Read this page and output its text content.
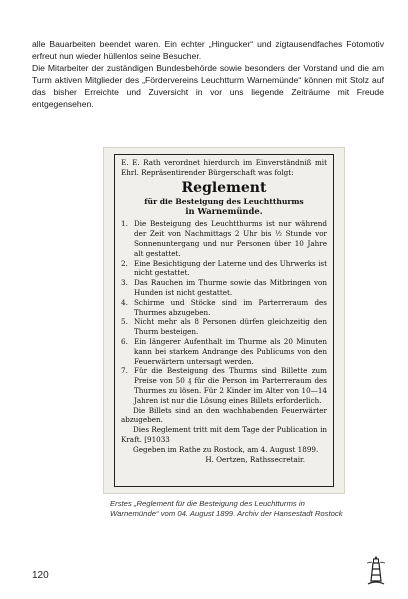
alle Bauarbeiten beendet waren. Ein echter „Hingucker“ und zigtausendfaches Fotomotiv erfreut nun wieder hüllenlos seine Besucher.

Die Mitarbeiter der zuständigen Bundesbehörde sowie besonders der Vorstand und die am Turm aktiven Mitglieder des „Fördervereins Leuchtturm Warnemünde“ können mit Stolz auf das bisher Erreichte und Zuversicht in vor uns liegende Zeiträume mit Freude entgegensehen.

E. E. Rath verordnet hierdurch im Einverständniß mit Ehrl. Repräsentirender Bürgerschaft was folgt:

Reglement

für die Besteigung des Leuchtthurms

in Warnemünde.

1. Die Besteigung des Leuchtthurms ist nur während der Zeit von Nachmittags 2 Uhr bis ½ Stunde vor Sonnenuntergang und nur Personen über 10 Jahre alt gestattet.
2. Eine Besichtigung der Laterne und des Uhrwerks ist nicht gestattet.
3. Das Rauchen im Thurme sowie das Mitbringen von Hunden ist nicht gestattet.
4. Schirme und Stöcke sind im Parterreraum des Thurmes abzugeben.
5. Nicht mehr als 8 Personen dürfen gleichzeitig den Thurm besteigen.
6. Ein längerer Aufenthalt im Thurme als 20 Minuten kann bei starkem Andrange des Publicums von den Feuerwärtern untersagt werden.
7. Für die Besteigung des Thurms sind Billette zum Preise von 50 ₰ für die Person im Parterreraum des Thurmes zu lösen. Für 2 Kinder im Alter von 10—14 Jahren ist nur die Lösung eines Billets erforderlich.

Die Billets sind an den wachhabenden Feuerwärter abzugeben.

Dies Reglement tritt mit dem Tage der Publication in Kraft. [91033

Gegeben im Rathe zu Rostock, am 4. August 1899.

H. Oertzen, Rathssecretair.

Erstes „Reglement für die Besteigung des Leuchtturms in Warnemünde“ vom 04. August 1899. Archiv der Hansestadt Rostock
120
